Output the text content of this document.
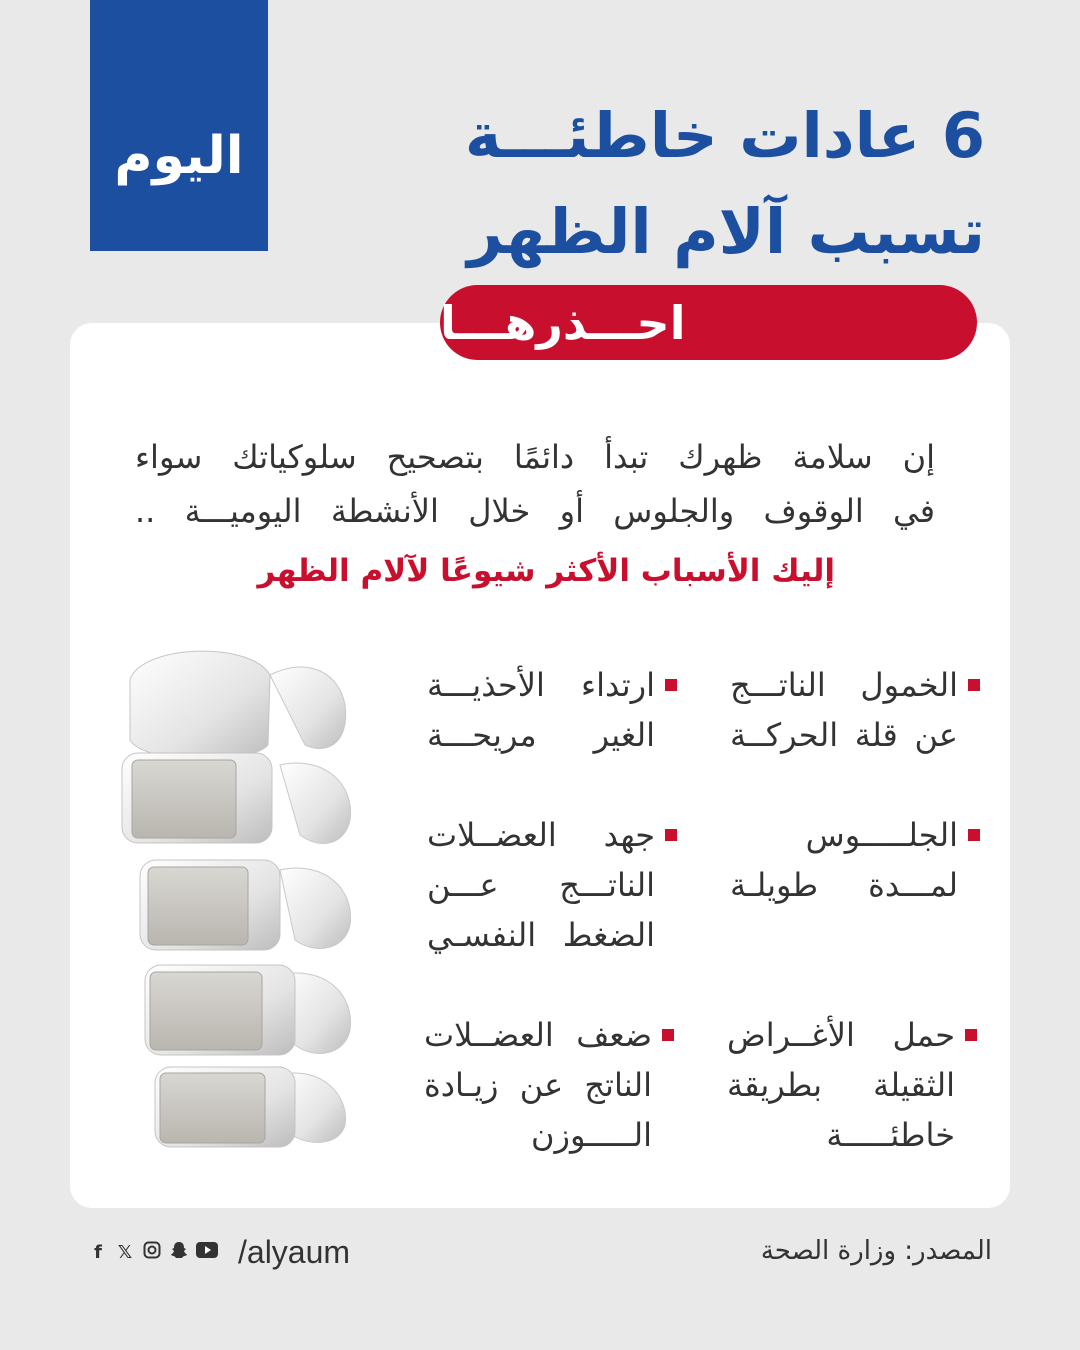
اليوم	6 عادات خاطئـــة
تسبب آلام الظهر
احـــذرهـــا
إن سلامة ظهرك تبدأ دائمًا بتصحيح سلوكياتك سواء
في الوقوف والجلوس أو خلال الأنشطة اليوميـــة ..
إليك الأسباب الأكثر شيوعًا لآلام الظهر
الخمول الناتـــج
عن قلة الحركــة
ارتداء الأحذيـــة
الغير مريحـــة
الجلـــــوس
لمـــدة طويلـة
جهد العضــلات
الناتـــج عـــن
الضغط النفسـي
حمل الأغــراض
الثقيلة بطريقة
خاطئـــــة
ضعف العضــلات
الناتج عن زيـادة
الـــــوزن
f 𝕏	/alyaum	المصدر: وزارة الصحة
